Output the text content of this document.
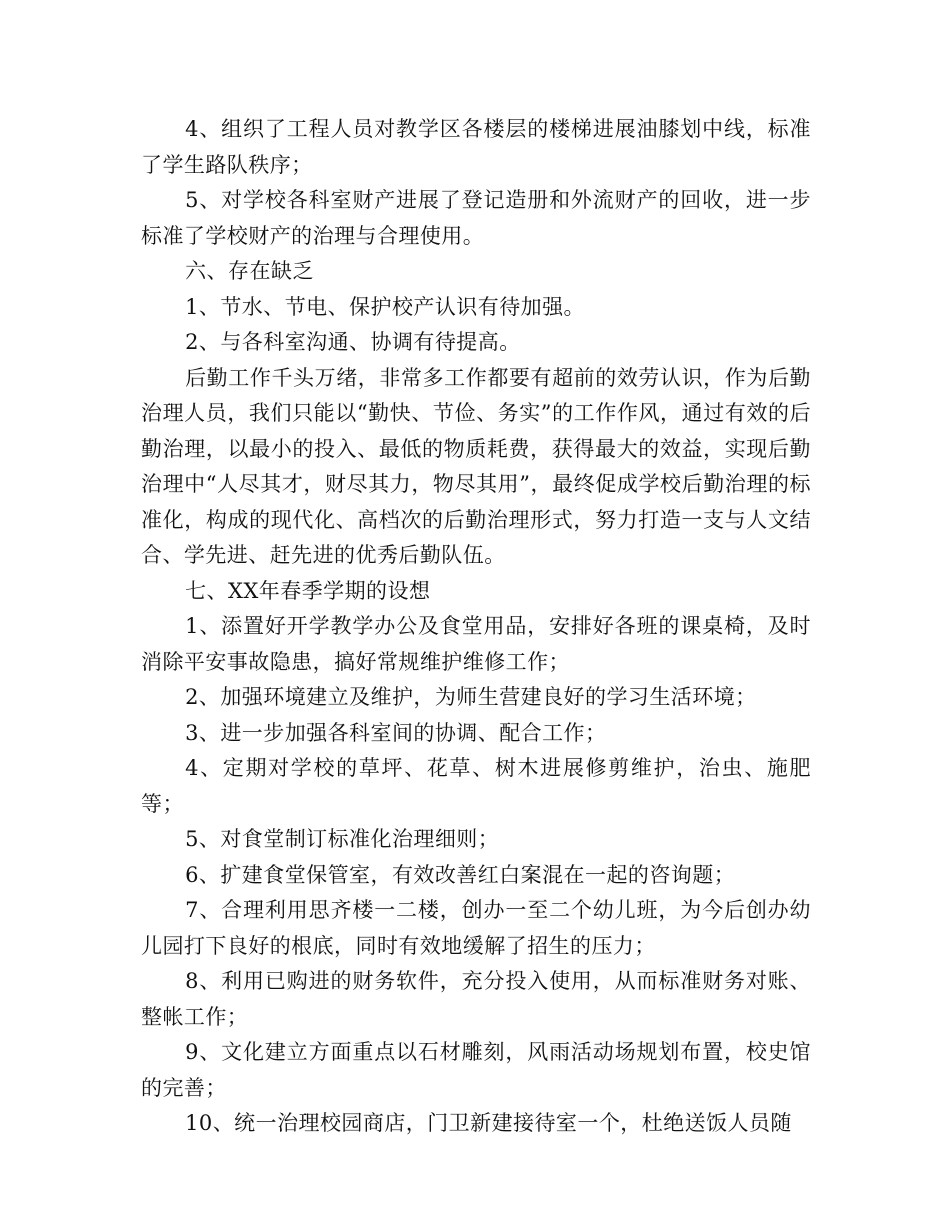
4、组织了工程人员对教学区各楼层的楼梯进展油膝划中线，标准了学生路队秩序；

5、对学校各科室财产进展了登记造册和外流财产的回收，进一步标准了学校财产的治理与合理使用。

六、存在缺乏

1、节水、节电、保护校产认识有待加强。

2、与各科室沟通、协调有待提高。

后勤工作千头万绪，非常多工作都要有超前的效劳认识，作为后勤治理人员，我们只能以“勤快、节俭、务实”的工作作风，通过有效的后勤治理，以最小的投入、最低的物质耗费，获得最大的效益，实现后勤治理中“人尽其才，财尽其力，物尽其用”，最终促成学校后勤治理的标准化，构成的现代化、高档次的后勤治理形式，努力打造一支与人文结合、学先进、赶先进的优秀后勤队伍。

七、XX年春季学期的设想

1、添置好开学教学办公及食堂用品，安排好各班的课桌椅，及时消除平安事故隐患，搞好常规维护维修工作；

2、加强环境建立及维护，为师生营建良好的学习生活环境；

3、进一步加强各科室间的协调、配合工作；

4、定期对学校的草坪、花草、树木进展修剪维护，治虫、施肥等；

5、对食堂制订标准化治理细则；

6、扩建食堂保管室，有效改善红白案混在一起的咨询题；

7、合理利用思齐楼一二楼，创办一至二个幼儿班，为今后创办幼儿园打下良好的根底，同时有效地缓解了招生的压力；

8、利用已购进的财务软件，充分投入使用，从而标准财务对账、整帐工作；

9、文化建立方面重点以石材雕刻，风雨活动场规划布置，校史馆的完善；

10、统一治理校园商店，门卫新建接待室一个，杜绝送饭人员随
